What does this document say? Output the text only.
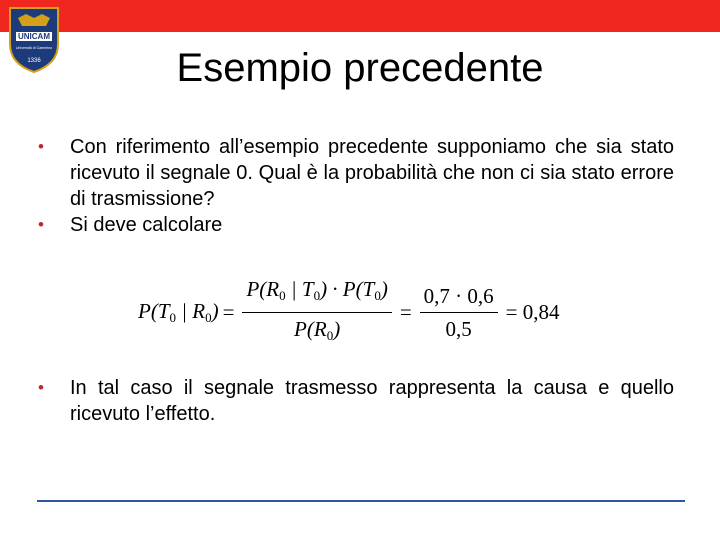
UNICAM
Università di Camerino
1336	Esempio precedente
• Con riferimento all’esempio precedente supponiamo che sia stato ricevuto il segnale 0. Qual è la probabilità che non ci sia stato errore di trasmissione?
• Si deve calcolare
$P(T_0$ | $R_0) = \frac{P(R_0 | T_0) \cdot P(T_0)}{P(R_0)} = \frac{0,7 \cdot 0,6}{0,5} = 0,84$
• In tal caso il segnale trasmesso rappresenta la causa e quello ricevuto l’effetto.
